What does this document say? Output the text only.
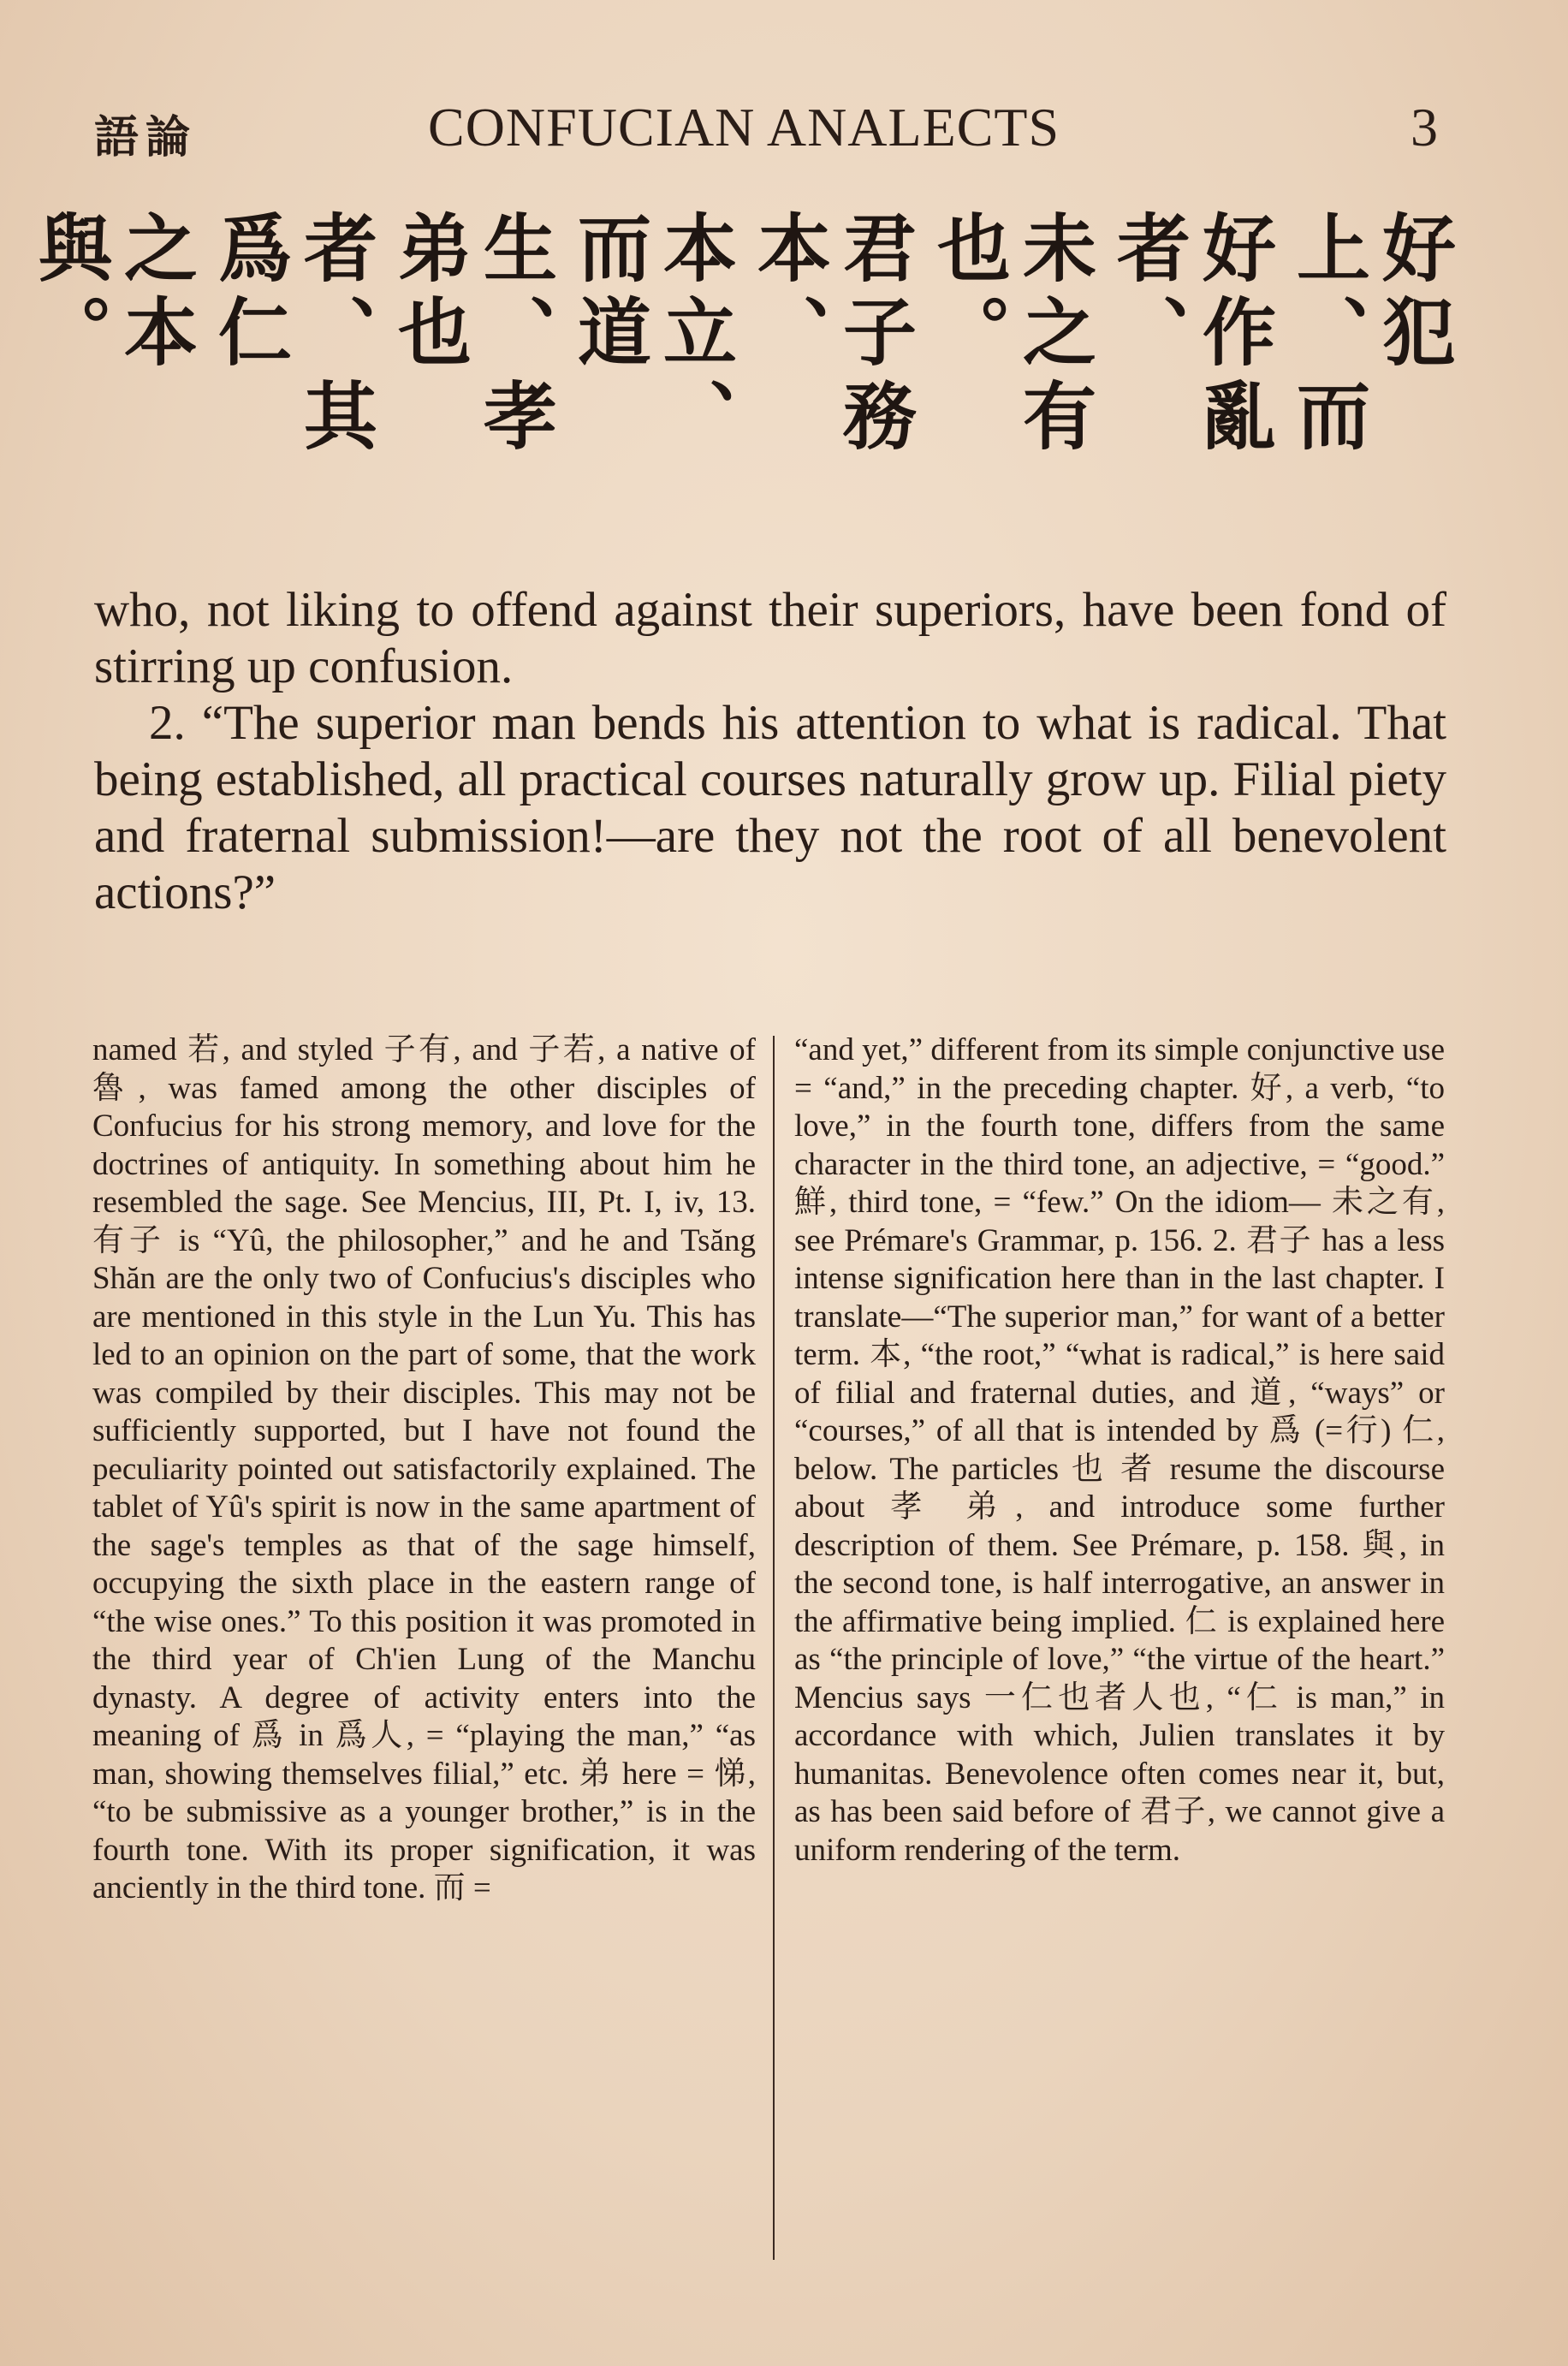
語論	CONFUCIAN ANALECTS	3
好犯上、而
好作亂者、
未之有也。
君子務本、
本立、而道
生、孝弟也
者、其爲仁
之本與。

who, not liking to offend against their superiors, have been fond of stirring up confusion.

2. “The superior man bends his attention to what is radical. That being established, all practical courses naturally grow up. Filial piety and fraternal submission!—are they not the root of all benevolent actions?”

named 若, and styled 子有, and 子若, a native of 魯, was famed among the other disciples of Confucius for his strong memory, and love for the doctrines of antiquity. In something about him he resembled the sage. See Mencius, III, Pt. I, iv, 13. 有子 is “Yû, the philosopher,” and he and Tsăng Shăn are the only two of Confucius's disciples who are mentioned in this style in the Lun Yu. This has led to an opinion on the part of some, that the work was compiled by their disciples. This may not be sufficiently supported, but I have not found the peculiarity pointed out satisfactorily explained. The tablet of Yû's spirit is now in the same apartment of the sage's temples as that of the sage himself, occupying the sixth place in the eastern range of “the wise ones.” To this position it was promoted in the third year of Ch'ien Lung of the Manchu dynasty. A degree of activity enters into the meaning of 爲 in 爲人, = “playing the man,” “as man, showing themselves filial,” etc. 弟 here = 悌, “to be submissive as a younger brother,” is in the fourth tone. With its proper signification, it was anciently in the third tone. 而 =
“and yet,” different from its simple conjunctive use = “and,” in the preceding chapter. 好, a verb, “to love,” in the fourth tone, differs from the same character in the third tone, an adjective, = “good.” 鮮, third tone, = “few.” On the idiom— 未之有, see Prémare's Grammar, p. 156. 2. 君子 has a less intense signification here than in the last chapter. I translate—“The superior man,” for want of a better term. 本, “the root,” “what is radical,” is here said of filial and fraternal duties, and 道, “ways” or “courses,” of all that is intended by 爲 (=行) 仁, below. The particles 也 者 resume the discourse about 孝 弟, and introduce some further description of them. See Prémare, p. 158. 與, in the second tone, is half interrogative, an answer in the affirmative being implied. 仁 is explained here as “the principle of love,” “the virtue of the heart.” Mencius says 一仁也者人也, “仁 is man,” in accordance with which, Julien translates it by humanitas. Benevolence often comes near it, but, as has been said before of 君子, we cannot give a uniform rendering of the term.
